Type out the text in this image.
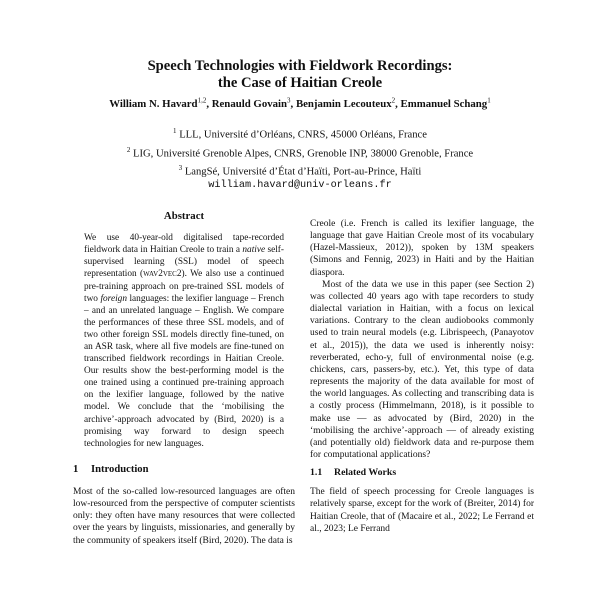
Speech Technologies with Fieldwork Recordings:
the Case of Haitian Creole
William N. Havard$^{1,2}$, Renauld Govain$^3$, Benjamin Lecouteux$^2$, Emmanuel Schang$^1$
$^1$ LLL, Université d’Orléans, CNRS, 45000 Orléans, France
$^2$ LIG, Université Grenoble Alpes, CNRS, Grenoble INP, 38000 Grenoble, France
$^3$ LangSé, Université d’État d’Haïti, Port-au-Prince, Haïti
william.havard@univ-orleans.fr
Abstract

We use 40-year-old digitalised tape-recorded fieldwork data in Haitian Creole to train a native self-supervised learning (SSL) model of speech representation (wav2vec2). We also use a continued pre-training approach on pre-trained SSL models of two foreign languages: the lexifier language – French – and an unrelated language – English. We compare the performances of these three SSL models, and of two other foreign SSL models directly fine-tuned, on an ASR task, where all five models are fine-tuned on transcribed fieldwork recordings in Haitian Creole. Our results show the best-performing model is the one trained using a continued pre-training approach on the lexifier language, followed by the native model. We conclude that the ‘mobilising the archive’-approach advocated by (Bird, 2020) is a promising way forward to design speech technologies for new languages.

1 Introduction

Most of the so-called low-resourced languages are often low-resourced from the perspective of computer scientists only: they often have many resources that were collected over the years by linguists, missionaries, and generally by the community of speakers itself (Bird, 2020). The data is

Creole (i.e. French is called its lexifier language, the language that gave Haitian Creole most of its vocabulary (Hazel-Massieux, 2012)), spoken by 13M speakers (Simons and Fennig, 2023) in Haiti and by the Haitian diaspora.

Most of the data we use in this paper (see Section 2) was collected 40 years ago with tape recorders to study dialectal variation in Haitian, with a focus on lexical variations. Contrary to the clean audiobooks commonly used to train neural models (e.g. Librispeech, (Panayotov et al., 2015)), the data we used is inherently noisy: reverberated, echo-y, full of environmental noise (e.g. chickens, cars, passers-by, etc.). Yet, this type of data represents the majority of the data available for most of the world languages. As collecting and transcribing data is a costly process (Himmelmann, 2018), is it possible to make use — as advocated by (Bird, 2020) in the ‘mobilising the archive’-approach — of already existing (and potentially old) fieldwork data and re-purpose them for computational applications?

1.1 Related Works

The field of speech processing for Creole languages is relatively sparse, except for the work of (Breiter, 2014) for Haitian Creole, that of (Macaire et al., 2022; Le Ferrand et al., 2023; Le Ferrand
